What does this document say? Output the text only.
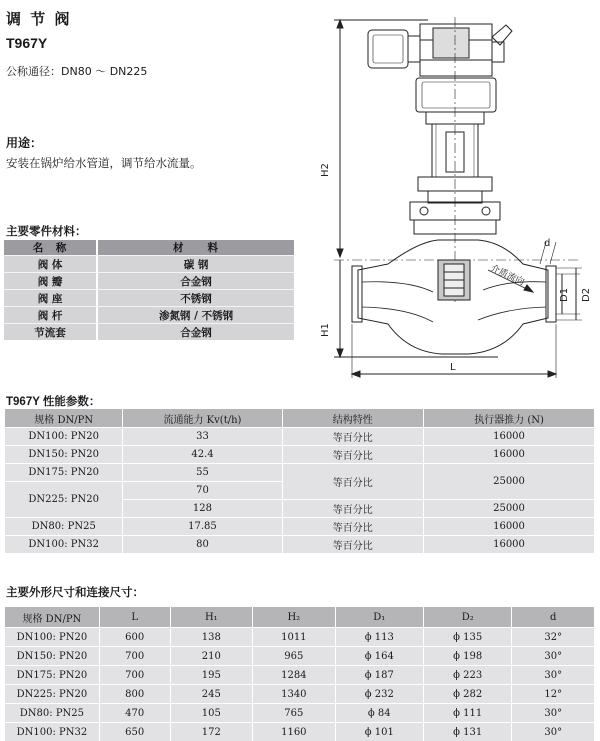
调 节 阀
T967Y
公称通径：DN80 ～ DN225
用途：
安装在锅炉给水管道，调节给水流量。
H2
H1
介质流向
D1 D2
d
L
主要零件材料：
名　称	材　　料
阀 体	碳 钢
阀 瓣	合金钢
阀 座	不锈钢
阀 杆	渗氮钢 / 不锈钢
节流套	合金钢
T967Y 性能参数：
规格 DN/PN	流通能力 Kv(t/h)	结构特性	执行器推力 (N)
DN100: PN20	33	等百分比	16000
DN150: PN20	42.4	等百分比	16000
DN175: PN20	55	等百分比	25000
DN225: PN20	70		
	128	等百分比	25000
DN80: PN25	17.85	等百分比	16000
DN100: PN32	80	等百分比	16000
主要外形尺寸和连接尺寸：
规格 DN/PN	L	H₁	H₂	D₁	D₂	d
DN100: PN20	600	138	1011	ϕ 113	ϕ 135	32°
DN150: PN20	700	210	965	ϕ 164	ϕ 198	30°
DN175: PN20	700	195	1284	ϕ 187	ϕ 223	30°
DN225: PN20	800	245	1340	ϕ 232	ϕ 282	12°
DN80: PN25	470	105	765	ϕ 84	ϕ 111	30°
DN100: PN32	650	172	1160	ϕ 101	ϕ 131	30°
